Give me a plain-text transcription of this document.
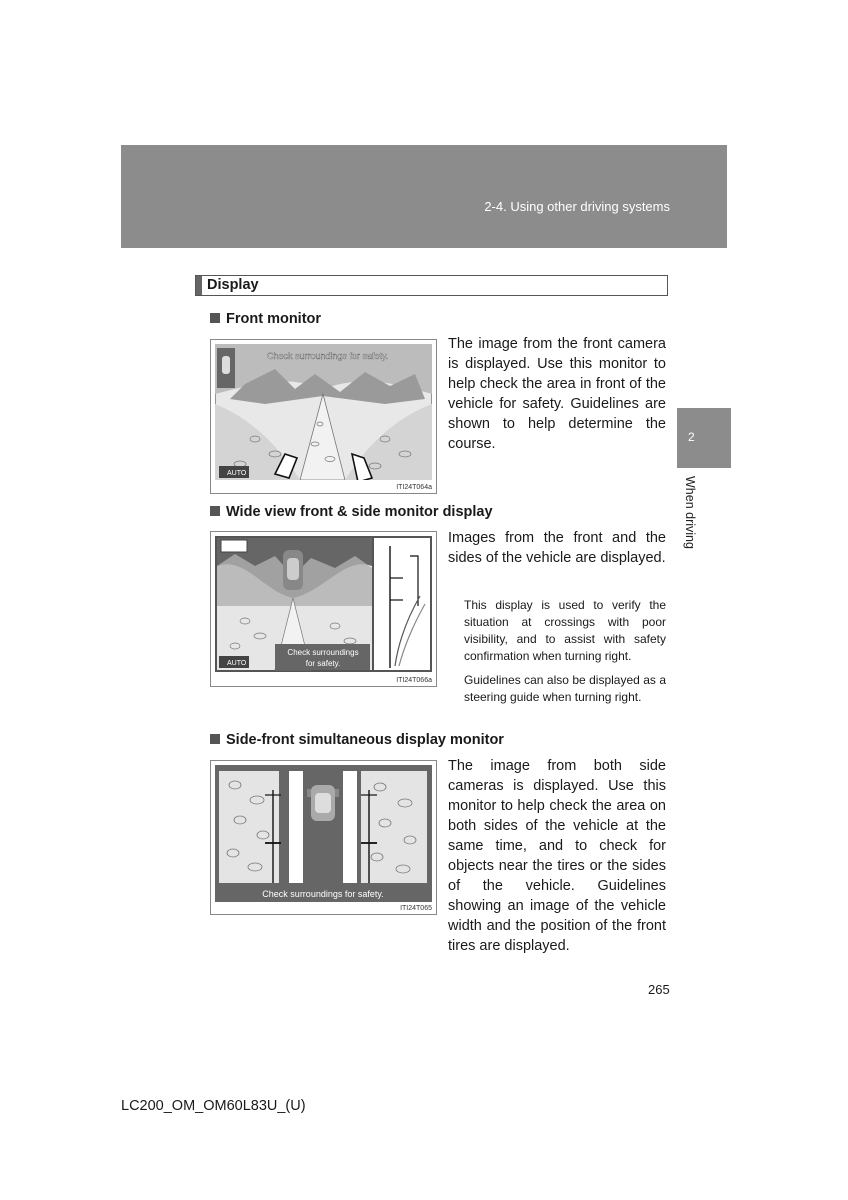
2-4. Using other driving systems
2
When driving
Display
Front monitor
Check surroundings for safety.
AUTO
ITI24T064a
The image from the front camera is displayed. Use this monitor to help check the area in front of the vehicle for safety. Guidelines are shown to help determine the course.
Wide view front & side monitor display
Check surroundings
for safety.
AUTO
ITI24T066a
Images from the front and the sides of the vehicle are displayed.
This display is used to verify the situation at crossings with poor visibility, and to assist with safety confirmation when turning right.
Guidelines can also be displayed as a steering guide when turning right.
Side-front simultaneous display monitor
Check surroundings for safety.
ITI24T065
The image from both side cameras is displayed. Use this monitor to help check the area on both sides of the vehicle at the same time, and to check for objects near the tires or the sides of the vehicle. Guidelines showing an image of the vehicle width and the position of the front tires are displayed.
265
LC200_OM_OM60L83U_(U)
